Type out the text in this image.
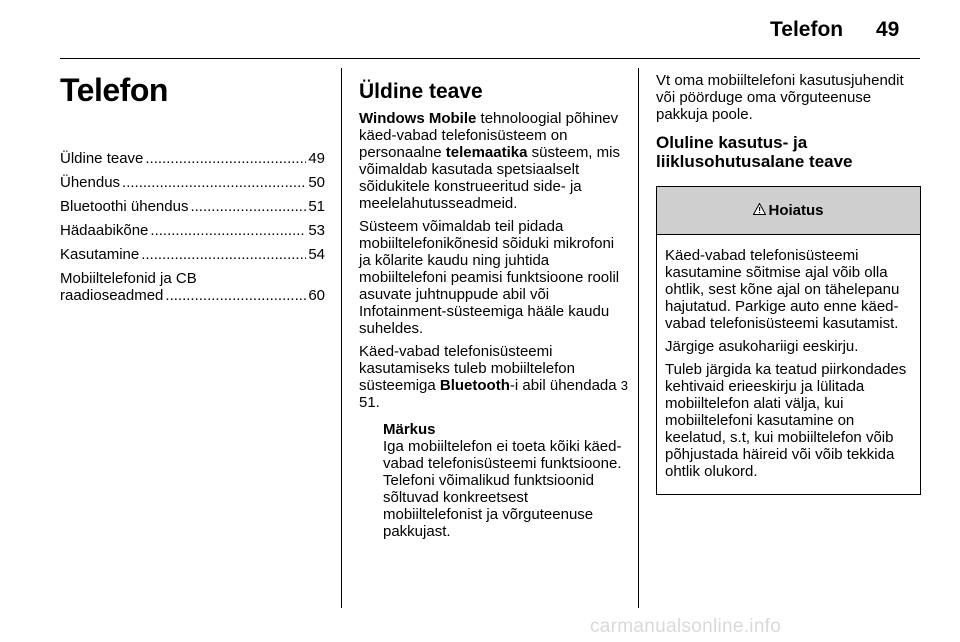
Telefon 49
Telefon
Üldine teave .....	49
Ühendus .....	50
Bluetoothi ühendus .....	51
Hädaabikõne .....	53
Kasutamine .....	54
Mobiiltelefonid ja CB
raadioseadmed .....	60
Üldine teave

Windows Mobile tehnoloogial põhinev käed-vabad telefonisüsteem on personaalne telemaatika süsteem, mis võimaldab kasutada spetsiaalselt sõidukitele konstrueeritud side- ja meelelahutusseadmeid.

Süsteem võimaldab teil pidada mobiiltelefonikõnesid sõiduki mikrofoni ja kõlarite kaudu ning juhtida mobiiltelefoni peamisi funktsioone roolil asuvate juhtnuppude abil või Infotainment-süsteemiga hääle kaudu suheldes.

Käed-vabad telefonisüsteemi kasutamiseks tuleb mobiiltelefon süsteemiga Bluetooth-i abil ühendada 3 51.

Märkus
Iga mobiiltelefon ei toeta kõiki käed-vabad telefonisüsteemi funktsioone. Telefoni võimalikud funktsioonid sõltuvad konkreetsest mobiiltelefonist ja võrguteenuse pakkujast.

Vt oma mobiiltelefoni kasutusjuhendit või pöörduge oma võrguteenuse pakkuja poole.

Oluline kasutus- ja liiklusohutusalane teave
Hoiatus

Käed-vabad telefonisüsteemi kasutamine sõitmise ajal võib olla ohtlik, sest kõne ajal on tähelepanu hajutatud. Parkige auto enne käed-vabad telefonisüsteemi kasutamist.

Järgige asukohariigi eeskirju.

Tuleb järgida ka teatud piirkondades kehtivaid erieeskirju ja lülitada mobiiltelefon alati välja, kui mobiiltelefoni kasutamine on keelatud, s.t, kui mobiiltelefon võib põhjustada häireid või võib tekkida ohtlik olukord.

carmanualsonline.info
